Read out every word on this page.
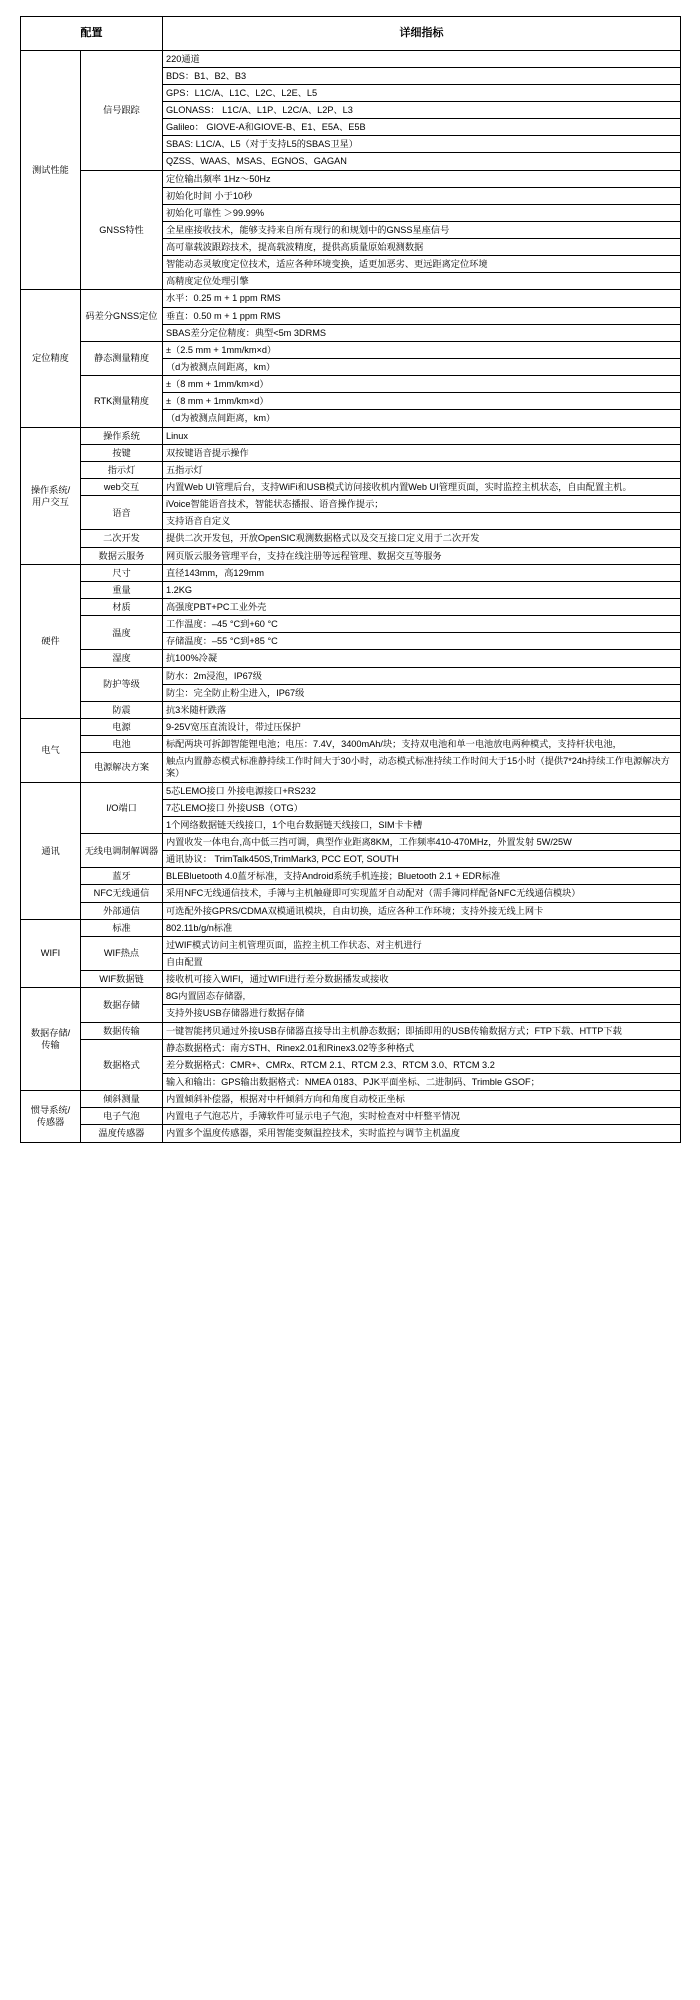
配置		详细指标
测试性能	信号跟踪	220通道
		BDS：B1、B2、B3
		GPS：L1C/A、L1C、L2C、L2E、L5
		GLONASS： L1C/A、L1P、L2C/A、L2P、L3
		Galileo： GIOVE-A和GIOVE-B、E1、E5A、E5B
		SBAS: L1C/A、L5（对于支持L5的SBAS卫星）
		QZSS、WAAS、MSAS、EGNOS、GAGAN
	GNSS特性	定位输出频率 1Hz～50Hz
		初始化时间 小于10秒
		初始化可靠性 ＞99.99%
		全星座接收技术，能够支持来自所有现行的和规划中的GNSS星座信号
		高可靠载波跟踪技术，提高载波精度，提供高质量原始观测数据
		智能动态灵敏度定位技术，适应各种环境变换，适更加恶劣、更远距离定位环境
		高精度定位处理引擎
定位精度	码差分GNSS定位	水平：0.25 m + 1 ppm RMS
		垂直：0.50 m + 1 ppm RMS
		SBAS差分定位精度：典型<5m 3DRMS
	静态测量精度	±（2.5 mm + 1mm/km×d）
		（d为被测点间距离，km）
	RTK测量精度	±（8 mm + 1mm/km×d）
		±（8 mm + 1mm/km×d）
		（d为被测点间距离，km）
操作系统/
用户交互	操作系统	Linux
	按键	双按键语音提示操作
	指示灯	五指示灯
	web交互	内置Web UI管理后台，支持WiFi和USB模式访问接收机内置Web UI管理页面，实时监控主机状态，自由配置主机。
	语音	iVoice智能语音技术，智能状态播报、语音操作提示；
		支持语音自定义
	二次开发	提供二次开发包，开放OpenSIC观测数据格式以及交互接口定义用于二次开发
	数据云服务	网页版云服务管理平台，支持在线注册等远程管理、数据交互等服务
硬件	尺寸	直径143mm，高129mm
	重量	1.2KG
	材质	高强度PBT+PC工业外壳
	温度	工作温度：–45 °C到+60 °C
		存储温度：–55 °C到+85 °C
	湿度	抗100%冷凝
	防护等级	防水：2m浸泡，IP67级
		防尘：完全防止粉尘进入，IP67级
	防震	抗3米随杆跌落
电气	电源	9-25V宽压直流设计，带过压保护
	电池	标配两块可拆卸智能锂电池；电压：7.4V，3400mAh/块；支持双电池和单一电池放电两种模式，支持杆状电池，
	电源解决方案	触点内置静态模式标准静持续工作时间大于30小时，动态模式标准持续工作时间大于15小时（提供7*24h持续工作电源解决方案）
通讯	I/O端口	5芯LEMO接口 外接电源接口+RS232
		7芯LEMO接口 外接USB（OTG）
		1个网络数据链天线接口，1个电台数据链天线接口，SIM卡卡槽
	无线电调制解调器	内置收发一体电台,高中低三挡可调，典型作业距离8KM，工作频率410-470MHz，外置发射 5W/25W
		通讯协议： TrimTalk450S,TrimMark3, PCC EOT, SOUTH
	蓝牙	BLEBluetooth 4.0蓝牙标准，支持Android系统手机连接；Bluetooth 2.1 + EDR标准
	NFC无线通信	采用NFC无线通信技术，手簿与主机触碰即可实现蓝牙自动配对（需手簿同样配备NFC无线通信模块）
	外部通信	可选配外接GPRS/CDMA双模通讯模块，自由切换，适应各种工作环境；支持外接无线上网卡
WIFI	标准	802.11b/g/n标准
	WIF热点	过WIF模式访问主机管理页面，监控主机工作状态、对主机进行
		自由配置
	WIF数据链	接收机可接入WIFI，通过WIFI进行差分数据播发或接收
数据存储/
传输	数据存储	8G内置固态存储器,
		支持外接USB存储器进行数据存储
	数据传输	一键智能拷贝通过外接USB存储器直接导出主机静态数据；即插即用的USB传输数据方式；FTP下载、HTTP下载
	数据格式	静态数据格式：南方STH、Rinex2.01和Rinex3.02等多种格式
		差分数据格式：CMR+、CMRx、RTCM 2.1、RTCM 2.3、RTCM 3.0、RTCM 3.2
		输入和输出：GPS输出数据格式：NMEA 0183、PJK平面坐标、二进制码、Trimble GSOF；
惯导系统/
传感器	倾斜测量	内置倾斜补偿器，根据对中杆倾斜方向和角度自动校正坐标
	电子气泡	内置电子气泡芯片，手簿软件可显示电子气泡，实时检查对中杆整平情况
	温度传感器	内置多个温度传感器，采用智能变频温控技术，实时监控与调节主机温度
